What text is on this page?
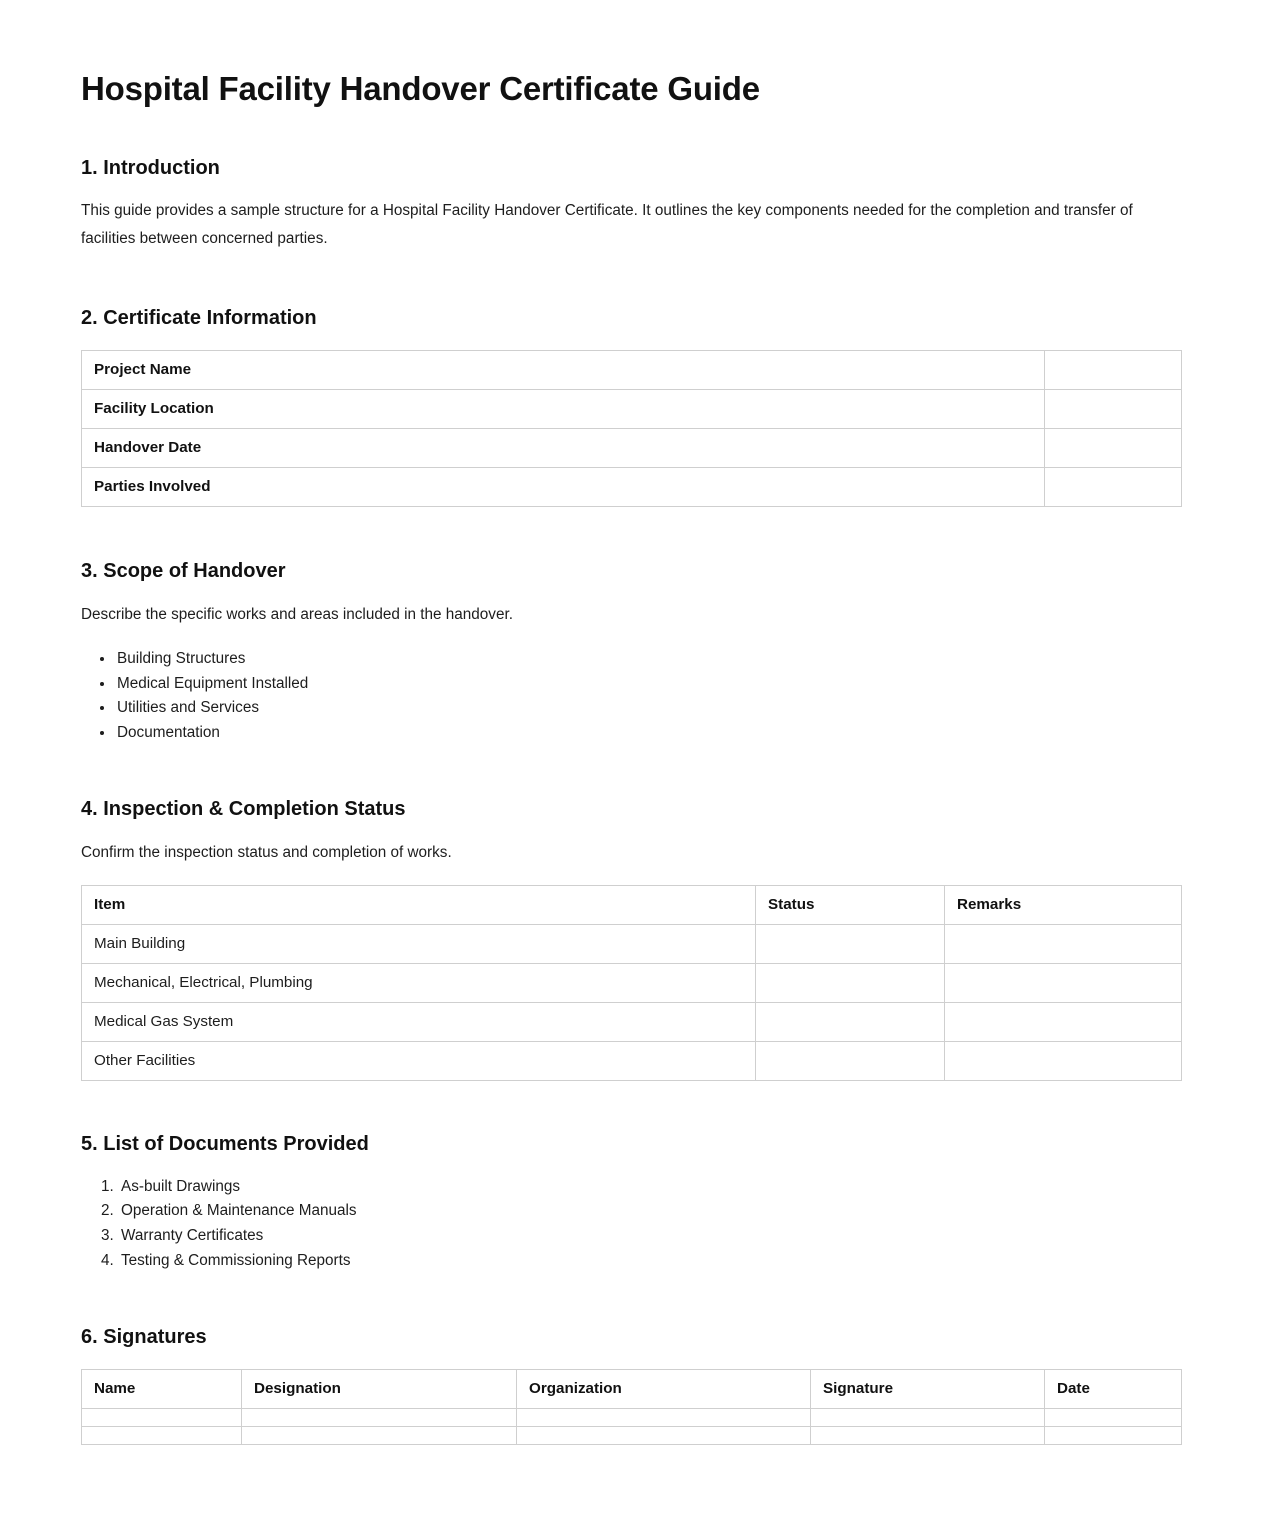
Hospital Facility Handover Certificate Guide
1. Introduction

This guide provides a sample structure for a Hospital Facility Handover Certificate. It outlines the key components needed for the completion and transfer of facilities between concerned parties.

2. Certificate Information
Project Name	
Facility Location	
Handover Date	
Parties Involved	
3. Scope of Handover

Describe the specific works and areas included in the handover.

• Building Structures
• Medical Equipment Installed
• Utilities and Services
• Documentation
4. Inspection & Completion Status

Confirm the inspection status and completion of works.

Item	Status	Remarks
Main Building		
Mechanical, Electrical, Plumbing		
Medical Gas System		
Other Facilities		
5. List of Documents Provided
1. As-built Drawings
2. Operation & Maintenance Manuals
3. Warranty Certificates
4. Testing & Commissioning Reports
6. Signatures
Name	Designation	Organization	Signature	Date
